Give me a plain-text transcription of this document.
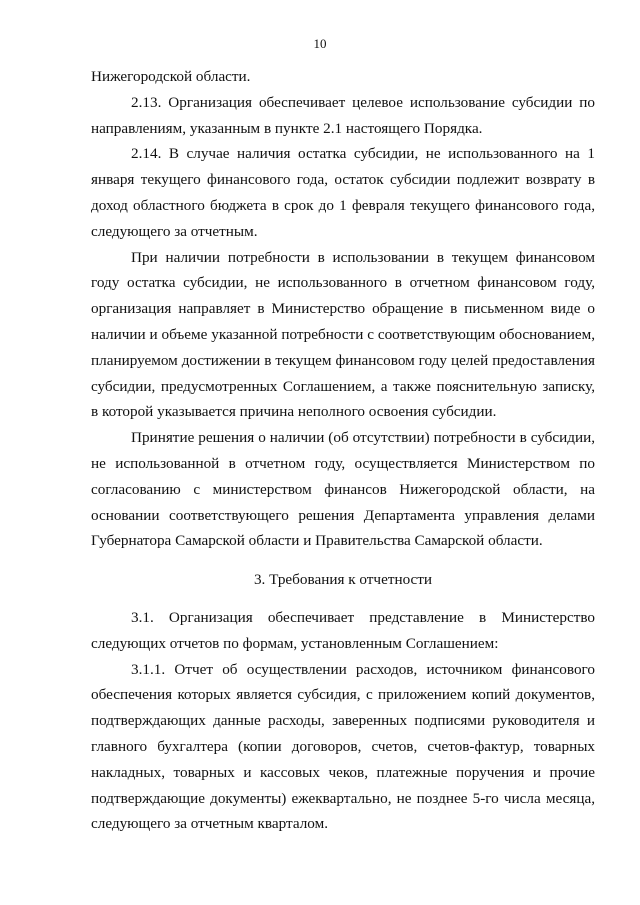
10

Нижегородской области.

2.13. Организация обеспечивает целевое использование субсидии по направлениям, указанным в пункте 2.1 настоящего Порядка.

2.14. В случае наличия остатка субсидии, не использованного на 1 января текущего финансового года, остаток субсидии подлежит возврату в доход областного бюджета в срок до 1 февраля текущего финансового года, следующего за отчетным.

При наличии потребности в использовании в текущем финансовом году остатка субсидии, не использованного в отчетном финансовом году, организация направляет в Министерство обращение в письменном виде о наличии и объеме указанной потребности с соответствующим обоснованием, планируемом достижении в текущем финансовом году целей предоставления субсидии, предусмотренных Соглашением, а также пояснительную записку, в которой указывается причина неполного освоения субсидии.

Принятие решения о наличии (об отсутствии) потребности в субсидии, не использованной в отчетном году, осуществляется Министерством по согласованию с министерством финансов Нижегородской области, на основании соответствующего решения Департамента управления делами Губернатора Самарской области и Правительства Самарской области.

3. Требования к отчетности

3.1. Организация обеспечивает представление в Министерство следующих отчетов по формам, установленным Соглашением:

3.1.1. Отчет об осуществлении расходов, источником финансового обеспечения которых является субсидия, с приложением копий документов, подтверждающих данные расходы, заверенных подписями руководителя и главного бухгалтера (копии договоров, счетов, счетов-фактур, товарных накладных, товарных и кассовых чеков, платежные поручения и прочие подтверждающие документы) ежеквартально, не позднее 5-го числа месяца, следующего за отчетным кварталом.
